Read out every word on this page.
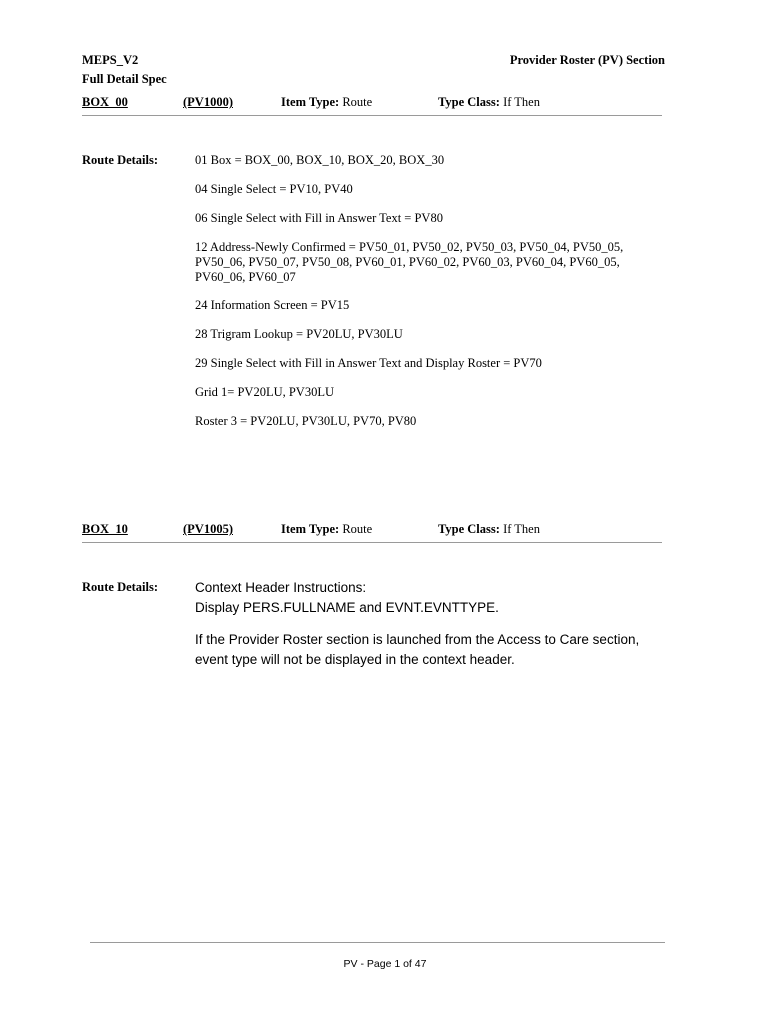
MEPS_V2
Full Detail Spec
Provider Roster (PV) Section
BOX_00	(PV1000)	Item Type: Route	Type Class: If Then
Route Details:	01 Box = BOX_00, BOX_10, BOX_20, BOX_30
04 Single Select = PV10, PV40
06 Single Select with Fill in Answer Text = PV80
12 Address-Newly Confirmed = PV50_01, PV50_02, PV50_03, PV50_04, PV50_05,
PV50_06, PV50_07, PV50_08, PV60_01, PV60_02, PV60_03, PV60_04, PV60_05,
PV60_06, PV60_07
24 Information Screen = PV15
28 Trigram Lookup = PV20LU, PV30LU
29 Single Select with Fill in Answer Text and Display Roster = PV70
Grid 1= PV20LU, PV30LU
Roster 3 = PV20LU, PV30LU, PV70, PV80
BOX_10	(PV1005)	Item Type: Route	Type Class: If Then
Route Details:	Context Header Instructions:
Display PERS.FULLNAME and EVNT.EVNTTYPE.
If the Provider Roster section is launched from the Access to Care section,
event type will not be displayed in the context header.
PV - Page 1 of 47
